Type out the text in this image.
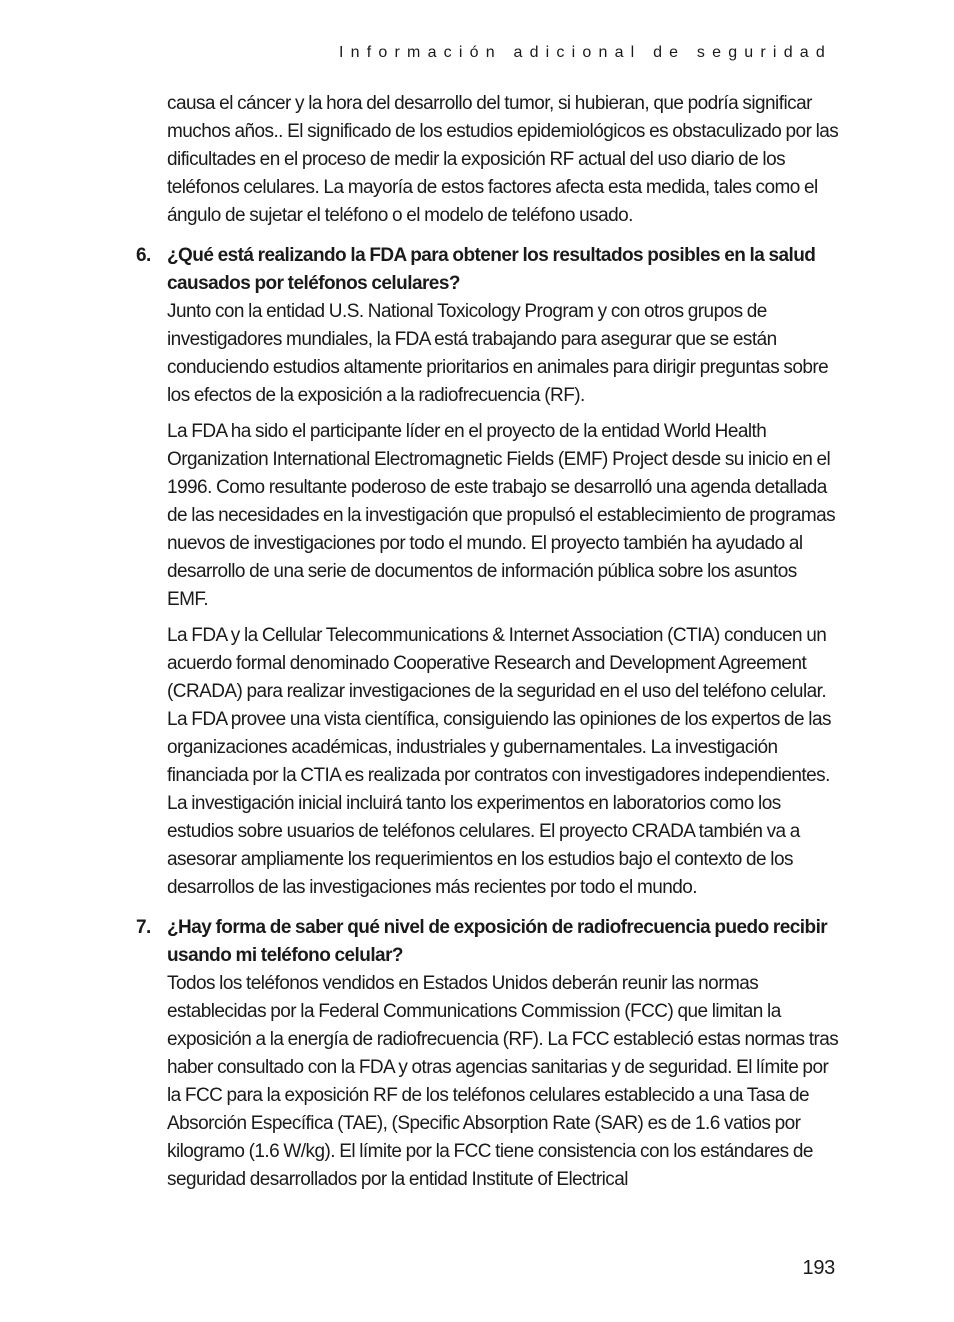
Información adicional de seguridad

causa el cáncer y la hora del desarrollo del tumor, si hubieran, que podría significar muchos años.. El significado de los estudios epidemiológicos es obstaculizado por las dificultades en el proceso de medir la exposición RF actual del uso diario de los teléfonos celulares. La mayoría de estos factores afecta esta medida, tales como el ángulo de sujetar el teléfono o el modelo de teléfono usado.

6. ¿Qué está realizando la FDA para obtener los resultados posibles en la salud causados por teléfonos celulares?

Junto con la entidad U.S. National Toxicology Program y con otros grupos de investigadores mundiales, la FDA está trabajando para asegurar que se están conduciendo estudios altamente prioritarios en animales para dirigir preguntas sobre los efectos de la exposición a la radiofrecuencia (RF).

La FDA ha sido el participante líder en el proyecto de la entidad World Health Organization International Electromagnetic Fields (EMF) Project desde su inicio en el 1996. Como resultante poderoso de este trabajo se desarrolló una agenda detallada de las necesidades en la investigación que propulsó el establecimiento de programas nuevos de investigaciones por todo el mundo. El proyecto también ha ayudado al desarrollo de una serie de documentos de información pública sobre los asuntos EMF.

La FDA y la Cellular Telecommunications & Internet Association (CTIA) conducen un acuerdo formal denominado Cooperative Research and Development Agreement (CRADA) para realizar investigaciones de la seguridad en el uso del teléfono celular. La FDA provee una vista científica, consiguiendo las opiniones de los expertos de las organizaciones académicas, industriales y gubernamentales. La investigación financiada por la CTIA es realizada por contratos con investigadores independientes. La investigación inicial incluirá tanto los experimentos en laboratorios como los estudios sobre usuarios de teléfonos celulares. El proyecto CRADA también va a asesorar ampliamente los requerimientos en los estudios bajo el contexto de los desarrollos de las investigaciones más recientes por todo el mundo.

7. ¿Hay forma de saber qué nivel de exposición de radiofrecuencia puedo recibir usando mi teléfono celular?

Todos los teléfonos vendidos en Estados Unidos deberán reunir las normas establecidas por la Federal Communications Commission (FCC) que limitan la exposición a la energía de radiofrecuencia (RF). La FCC estableció estas normas tras haber consultado con la FDA y otras agencias sanitarias y de seguridad. El límite por la FCC para la exposición RF de los teléfonos celulares establecido a una Tasa de Absorción Específica (TAE), (Specific Absorption Rate (SAR) es de 1.6 vatios por kilogramo (1.6 W/kg). El límite por la FCC tiene consistencia con los estándares de seguridad desarrollados por la entidad Institute of Electrical

193
